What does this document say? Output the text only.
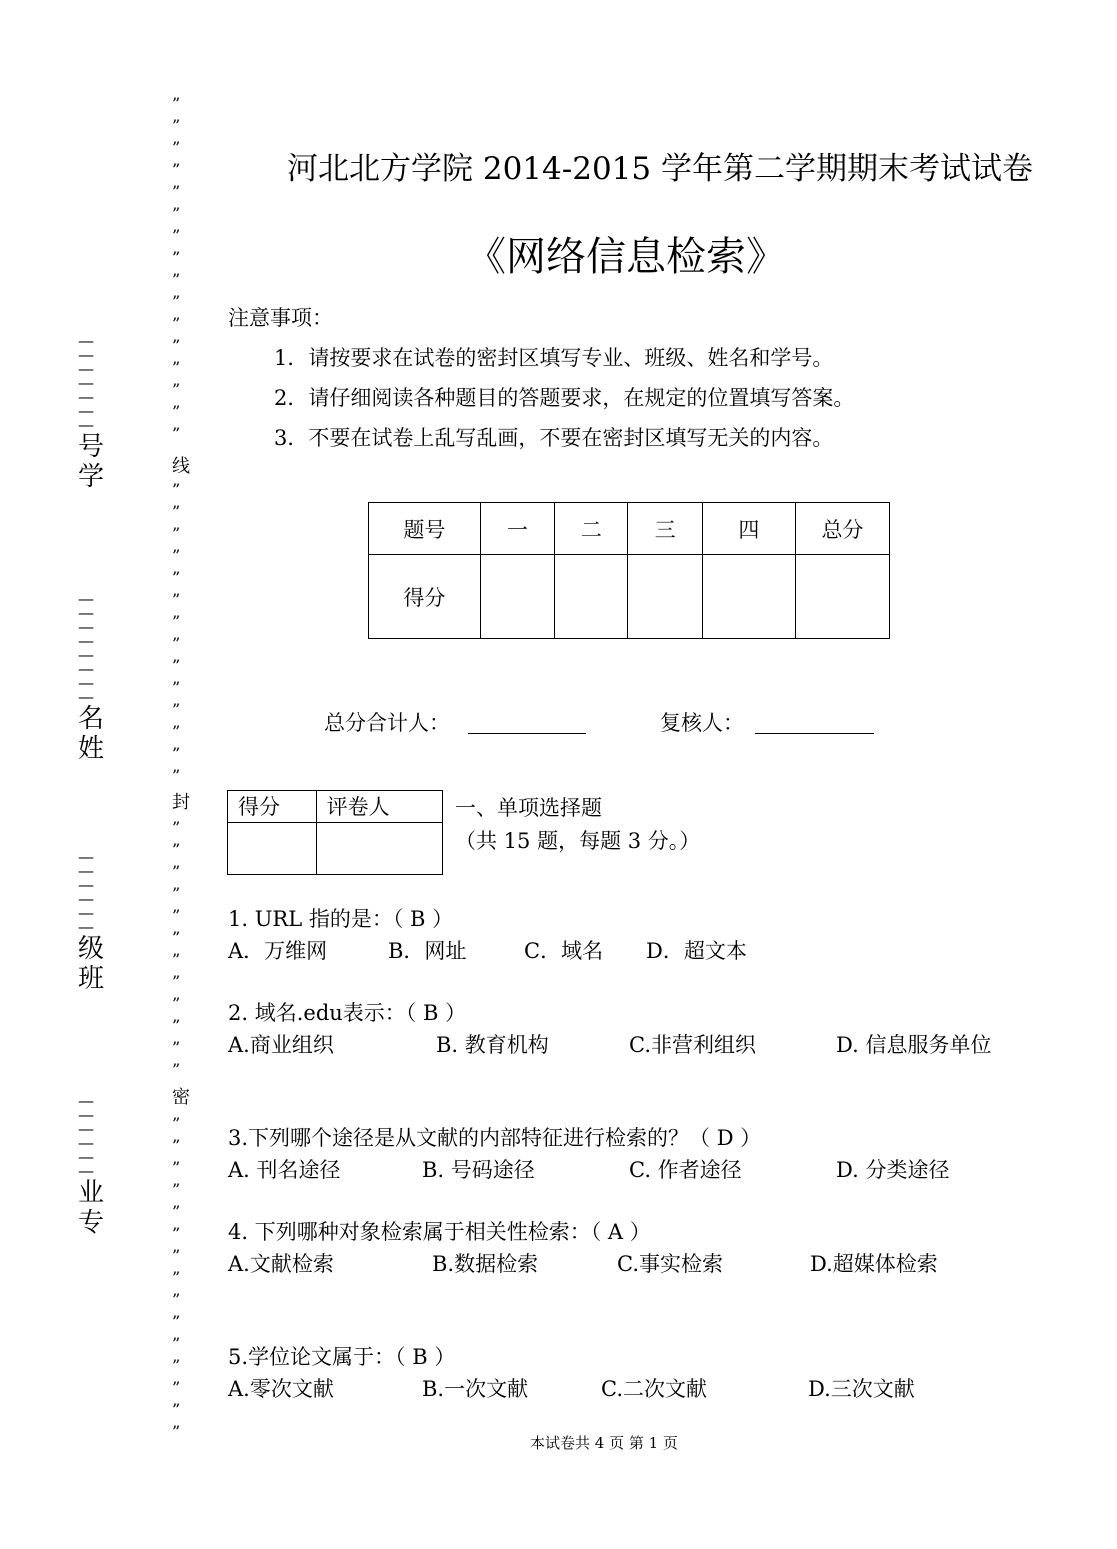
”
”
”
”
”
”
”
”
”
”
”
”
”
”
”
”
线
”
”
”
”
”
”
”
”
”
”
”
”
”
”
封
”
”
”
”
”
”
”
”
”
”
”
”
密
”
”
”
”
”
”
”
”
”
”
”
”
”
”
”
—
—
—
—
—
—
—
号
学
—
—
—
—
—
—
—
—
名
姓
—
—
—
—
—
—
级
班
—
—
—
—
—
—
业
专
河北北方学院 2014-2015 学年第二学期期末考试试卷
《网络信息检索》
注意事项：
1．请按要求在试卷的密封区填写专业、班级、姓名和学号。
2．请仔细阅读各种题目的答题要求，在规定的位置填写答案。
3．不要在试卷上乱写乱画，不要在密封区填写无关的内容。
题号	一	二	三	四	总分
得分					
总分合计人：	复核人：
得分	评卷人
		一、单项选择题
（共 15 题，每题 3 分。）
1. URL 指的是：（ B ）
A．万维网	B．网址	C．域名 D．超文本
2. 域名.edu表示：（ B ）
A.商业组织	B. 教育机构	C.非营利组织	D. 信息服务单位
3.下列哪个途径是从文献的内部特征进行检索的？（ D ）
A. 刊名途径	B. 号码途径	C. 作者途径	D. 分类途径
4. 下列哪种对象检索属于相关性检索：（ A ）
A.文献检索	B.数据检索	C.事实检索	D.超媒体检索
5.学位论文属于：（ B ）
A.零次文献	B.一次文献	C.二次文献	D.三次文献
本试卷共 4 页 第 1 页
